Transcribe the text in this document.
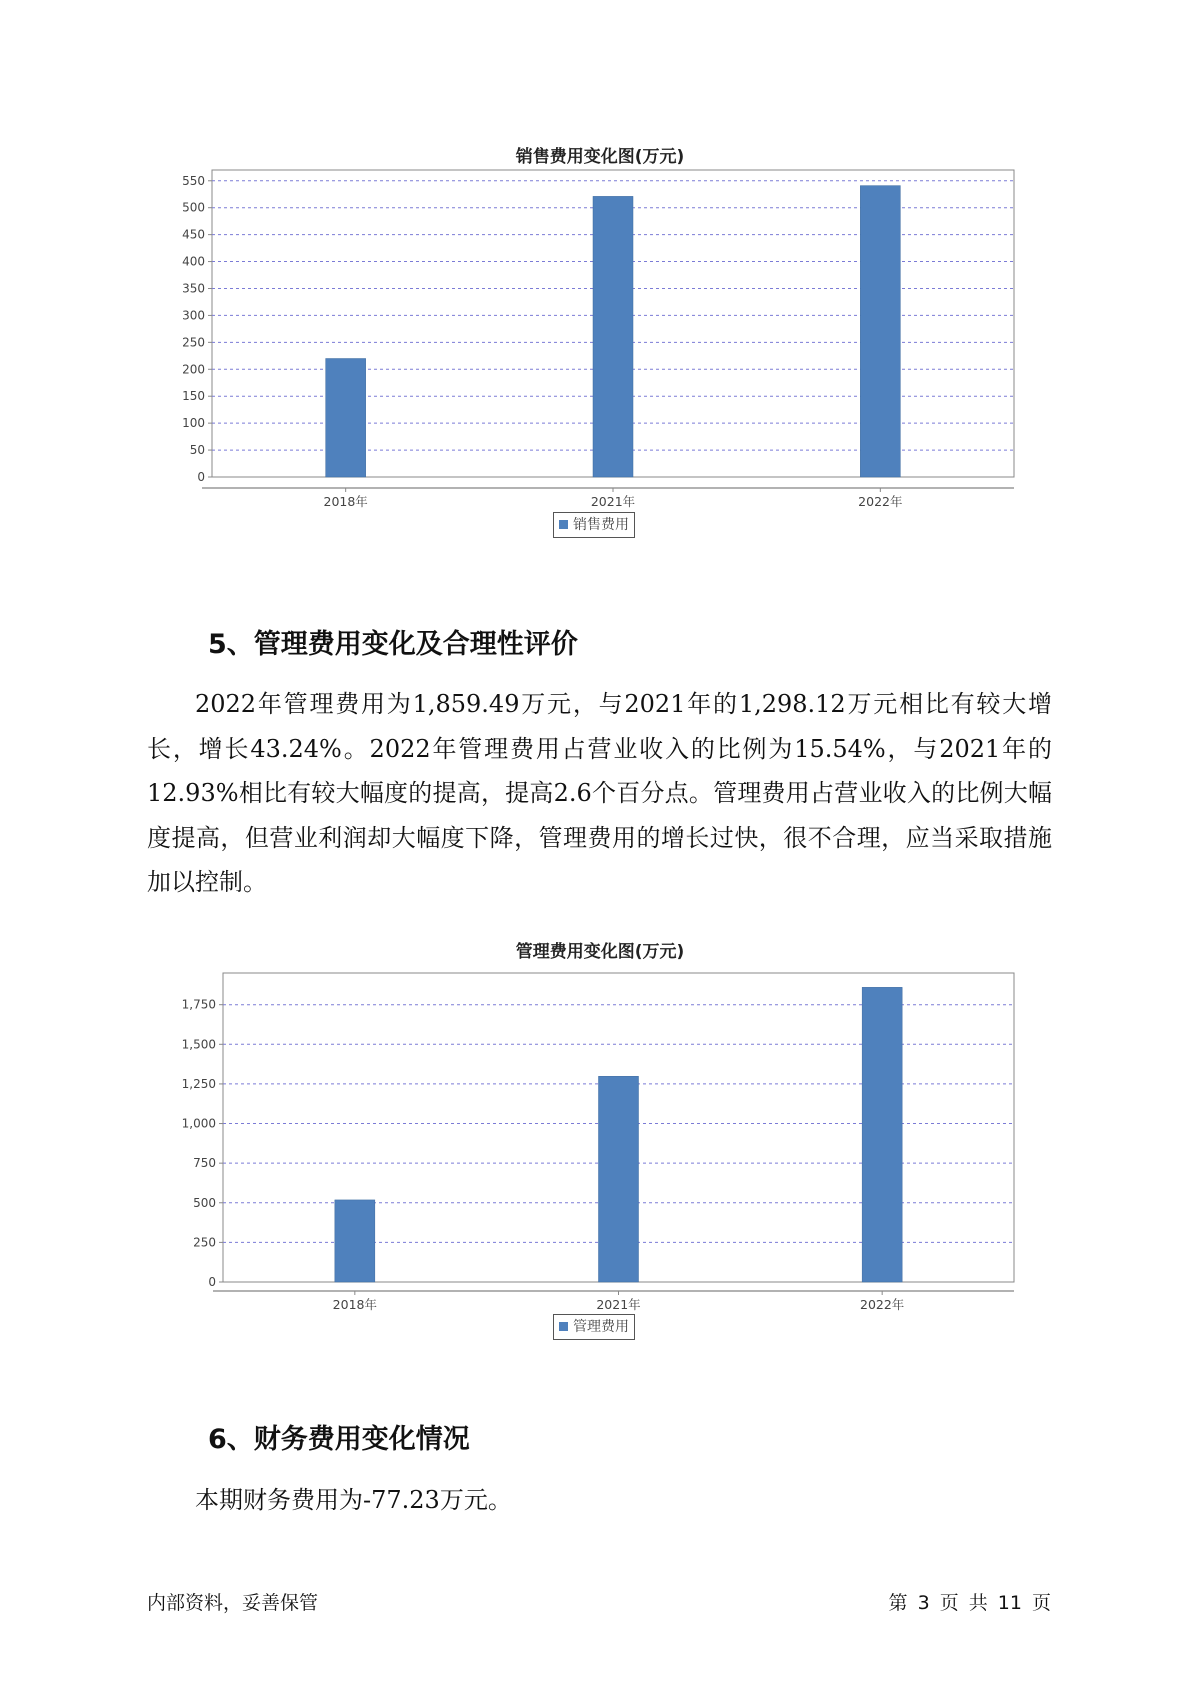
销售费用变化图(万元)
0
50
100
150
200
250
300
350
400
450
500
550
2018年	2021年	2022年
销售费用
5、管理费用变化及合理性评价
2022年管理费用为1,859.49万元，与2021年的1,298.12万元相比有较大增长，增长43.24%。2022年管理费用占营业收入的比例为15.54%，与2021年的12.93%相比有较大幅度的提高，提高2.6个百分点。管理费用占营业收入的比例大幅度提高，但营业利润却大幅度下降，管理费用的增长过快，很不合理，应当采取措施加以控制。
管理费用变化图(万元)
0
250
500
750
1,000
1,250
1,500
1,750
2018年	2021年	2022年
管理费用
6、财务费用变化情况
本期财务费用为-77.23万元。
内部资料，妥善保管	第 3 页 共 11 页
